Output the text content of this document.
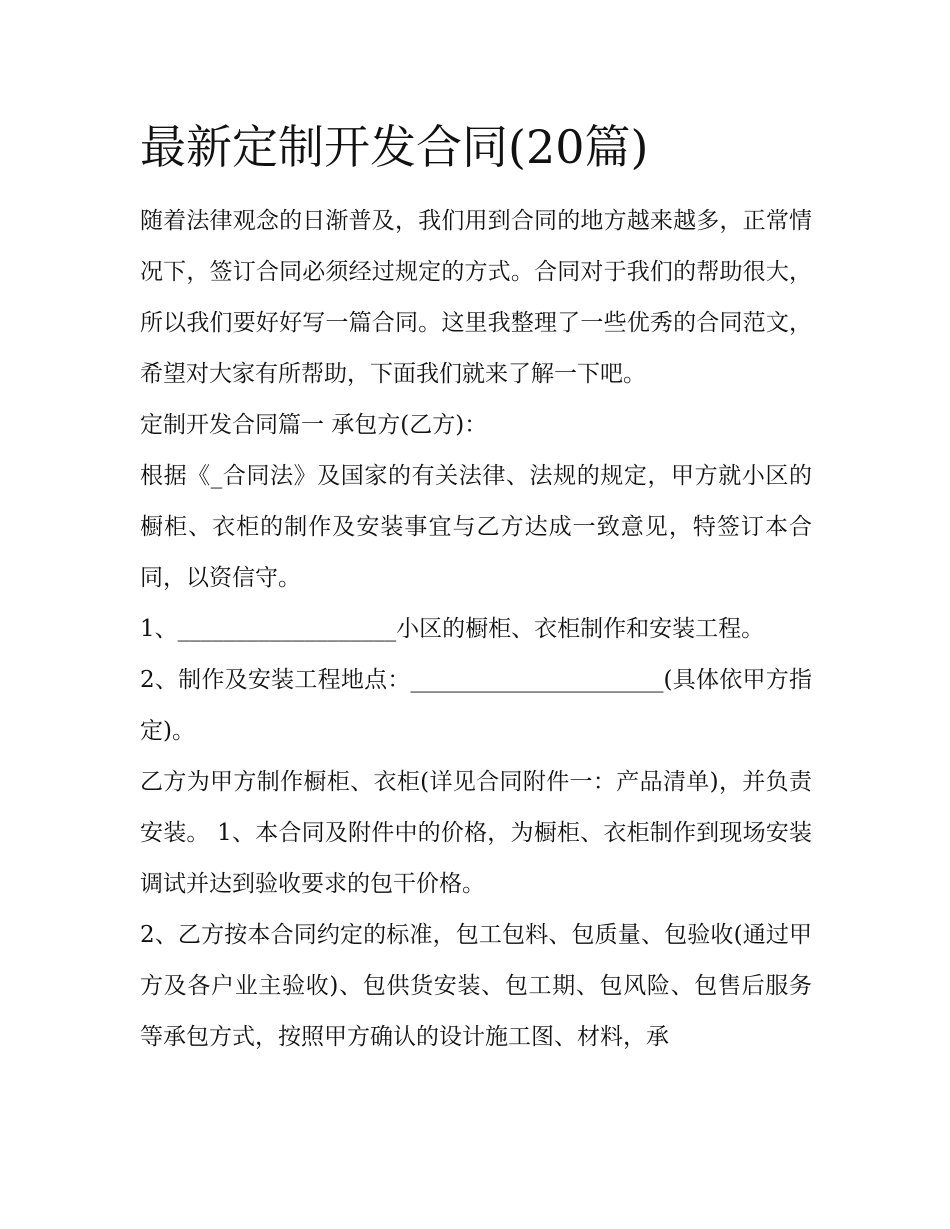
最新定制开发合同(20篇)

随着法律观念的日渐普及，我们用到合同的地方越来越多，正常情况下，签订合同必须经过规定的方式。合同对于我们的帮助很大，所以我们要好好写一篇合同。这里我整理了一些优秀的合同范文，希望对大家有所帮助，下面我们就来了解一下吧。

定制开发合同篇一 承包方(乙方)：

根据《_合同法》及国家的有关法律、法规的规定，甲方就小区的橱柜、衣柜的制作及安装事宜与乙方达成一致意见，特签订本合同，以资信守。

1、___________________小区的橱柜、衣柜制作和安装工程。

2、制作及安装工程地点：______________________(具体依甲方指定)。

乙方为甲方制作橱柜、衣柜(详见合同附件一：产品清单)，并负责安装。 1、本合同及附件中的价格，为橱柜、衣柜制作到现场安装调试并达到验收要求的包干价格。

2、乙方按本合同约定的标准，包工包料、包质量、包验收(通过甲方及各户业主验收)、包供货安装、包工期、包风险、包售后服务等承包方式，按照甲方确认的设计施工图、材料，承
